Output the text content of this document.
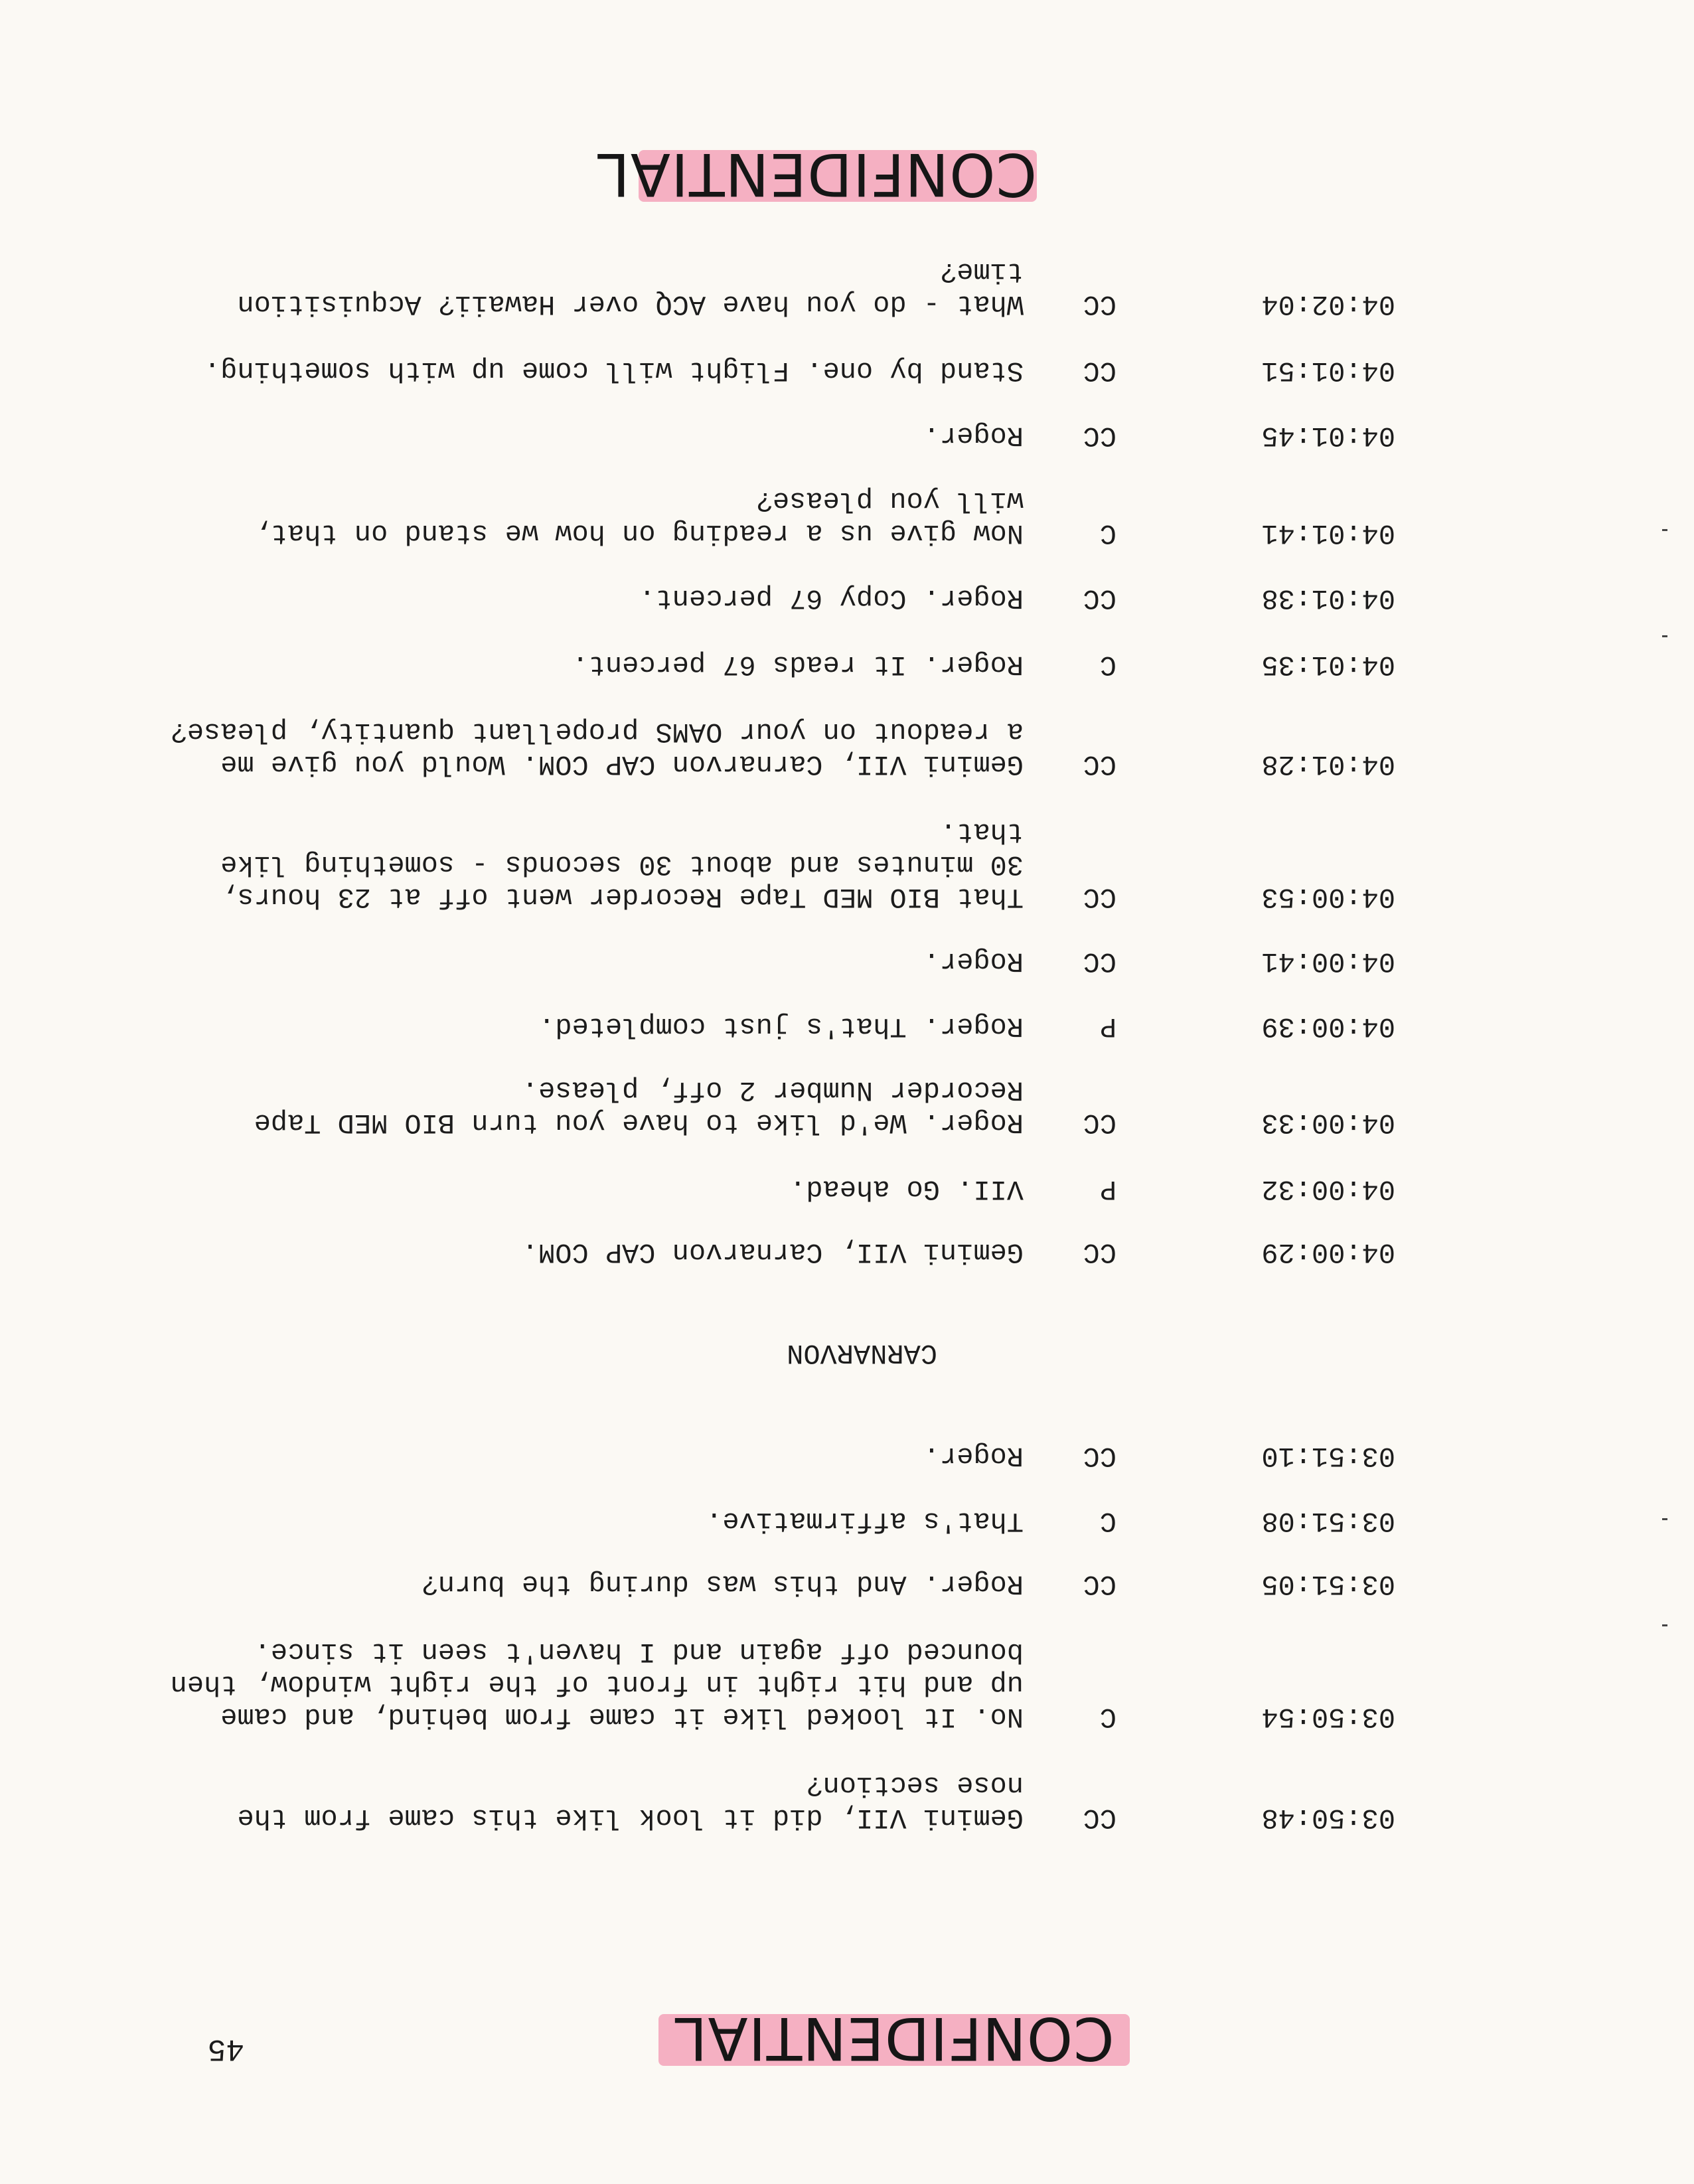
CONFIDENTIAL
45
03:50:48
CC
Gemini VII, did it look like this came from the
nose section?
03:50:54
C
No. It looked like it came from behind, and came
up and hit right in front of the right window, then
bounced off again and I haven't seen it since.
03:51:05
CC
Roger. And this was during the burn?
03:51:08
C
That's affirmative.
03:51:10
CC
Roger.
CARNARVON
04:00:29
CC
Gemini VII, Carnarvon CAP COM.
04:00:32
P
VII. Go ahead.
04:00:33
CC
Roger. We'd like to have you turn BIO MED Tape
Recorder Number 2 off, please.
04:00:39
P
Roger. That's just completed.
04:00:41
CC
Roger.
04:00:53
CC
That BIO MED Tape Recorder went off at 23 hours,
30 minutes and about 30 seconds - something like
that.
04:01:28
CC
Gemini VII, Carnarvon CAP COM. Would you give me
a readout on your OAMS propellant quantity, please?
04:01:35
C
Roger. It reads 67 percent.
04:01:38
CC
Roger. Copy 67 percent.
04:01:41
C
Now give us a reading on how we stand on that,
will you please?
04:01:45
CC
Roger.
04:01:51
CC
Stand by one. Flight will come up with something.
04:02:04
CC
What - do you have ACQ over Hawaii? Acquisition
time?
CONFIDENTIAL
